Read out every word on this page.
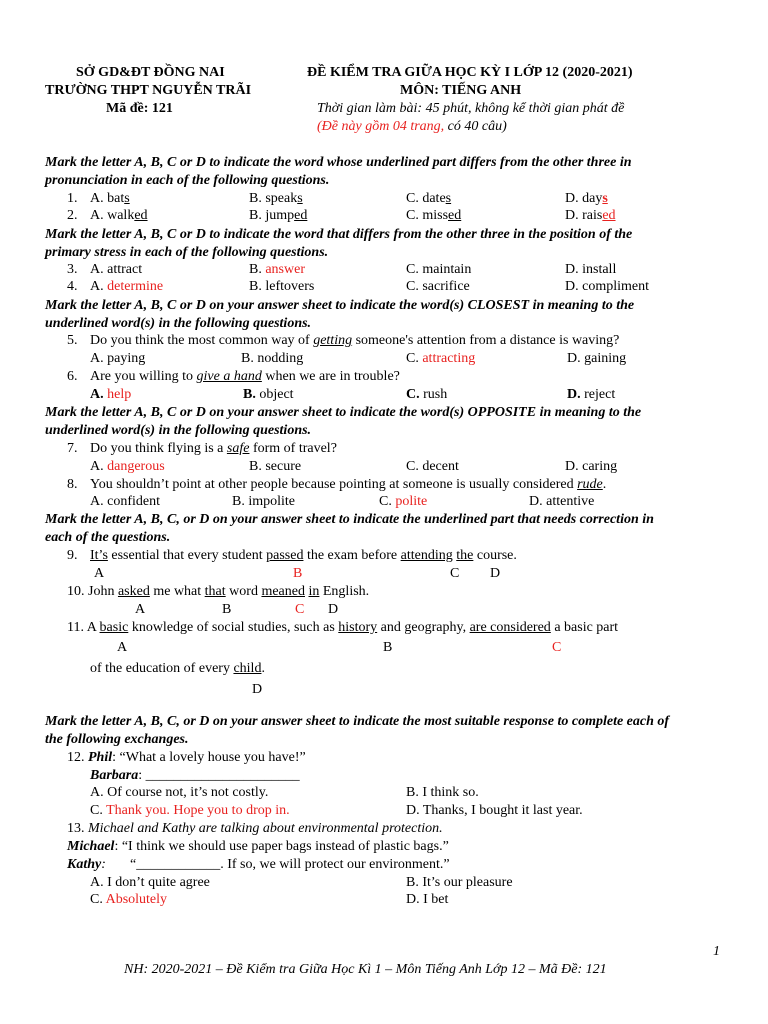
SỞ GD&ĐT ĐỒNG NAI
TRƯỜNG THPT NGUYỄN TRÃI
Mã đề: 121
ĐỀ KIỂM TRA GIỮA HỌC KỲ I LỚP 12 (2020-2021)
MÔN: TIẾNG ANH
Thời gian làm bài: 45 phút, không kể thời gian phát đề
(Đề này gồm 04 trang, có 40 câu)
Mark the letter A, B, C or D to indicate the word whose underlined part differs from the other three in
pronunciation in each of the following questions.
1. A. bats	B. speaks	C. dates	D. days
2. A. walked	B. jumped	C. missed	D. raised
Mark the letter A, B, C or D to indicate the word that differs from the other three in the position of the
primary stress in each of the following questions.
3. A. attract	B. answer	C. maintain	D. install
4. A. determine	B. leftovers	C. sacrifice	D. compliment
Mark the letter A, B, C or D on your answer sheet to indicate the word(s) CLOSEST in meaning to the
underlined word(s) in the following questions.
5. Do you think the most common way of getting someone's attention from a distance is waving?
A. paying	B. nodding	C. attracting	D. gaining
6. Are you willing to give a hand when we are in trouble?
A. help	B. object	C. rush	D. reject
Mark the letter A, B, C or D on your answer sheet to indicate the word(s) OPPOSITE in meaning to the
underlined word(s) in the following questions.
7. Do you think flying is a safe form of travel?
A. dangerous	B. secure	C. decent	D. caring
8. You shouldn’t point at other people because pointing at someone is usually considered rude.
A. confident	B. impolite	C. polite	D. attentive
Mark the letter A, B, C, or D on your answer sheet to indicate the underlined part that needs correction in
each of the questions.
9. It’s essential that every student passed the exam before attending the course.
A	B	C D
10. John asked me what that word meaned in English.
A	B	C D
11. A basic knowledge of social studies, such as history and geography, are considered a basic part
A	B	C
of the education of every child.
D
Mark the letter A, B, C, or D on your answer sheet to indicate the most suitable response to complete each of
the following exchanges.
12. Phil: “What a lovely house you have!”
Barbara: ______________________
A. Of course not, it’s not costly.	B. I think so.
C. Thank you. Hope you to drop in.	D. Thanks, I bought it last year.
13. Michael and Kathy are talking about environmental protection.
Michael: “I think we should use paper bags instead of plastic bags.”
Kathy: “____________. If so, we will protect our environment.”
A. I don’t quite agree	B. It’s our pleasure
C. Absolutely	D. I bet
1
NH: 2020-2021 – Đề Kiểm tra Giữa Học Kì 1 – Môn Tiếng Anh Lớp 12 – Mã Đề: 121
